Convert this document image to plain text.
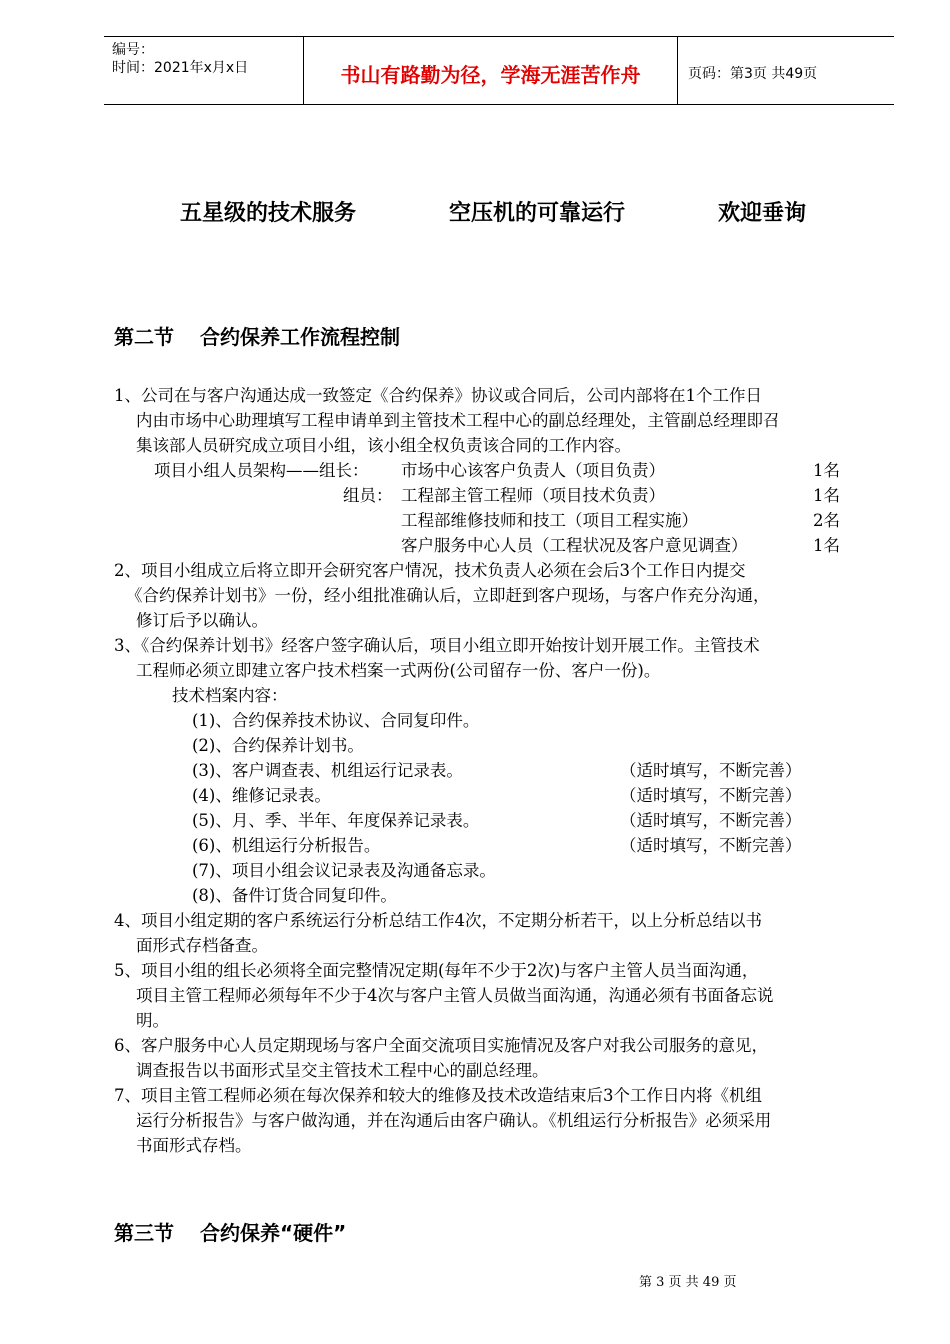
编号：
时间：2021年x月x日	书山有路勤为径，学海无涯苦作舟	页码：第3页 共49页
五星级的技术服务	空压机的可靠运行	欢迎垂询
第二节 合约保养工作流程控制
1、公司在与客户沟通达成一致签定《合约保养》协议或合同后，公司内部将在1个工作日
内由市场中心助理填写工程申请单到主管技术工程中心的副总经理处，主管副总经理即召
集该部人员研究成立项目小组，该小组全权负责该合同的工作内容。
项目小组人员架构——组长： 市场中心该客户负责人（项目负责）	1名
组员： 工程部主管工程师（项目技术负责）	1名
工程部维修技师和技工（项目工程实施）	2名
客户服务中心人员（工程状况及客户意见调查）	1名
2、项目小组成立后将立即开会研究客户情况，技术负责人必须在会后3个工作日内提交
《合约保养计划书》一份，经小组批准确认后，立即赶到客户现场，与客户作充分沟通，
修订后予以确认。
3、《合约保养计划书》经客户签字确认后，项目小组立即开始按计划开展工作。主管技术
工程师必须立即建立客户技术档案一式两份(公司留存一份、客户一份)。
技术档案内容：
(1)、合约保养技术协议、合同复印件。
(2)、合约保养计划书。
(3)、客户调查表、机组运行记录表。	（适时填写，不断完善）
(4)、维修记录表。	（适时填写，不断完善）
(5)、月、季、半年、年度保养记录表。	（适时填写，不断完善）
(6)、机组运行分析报告。	（适时填写，不断完善）
(7)、项目小组会议记录表及沟通备忘录。
(8)、备件订货合同复印件。
4、项目小组定期的客户系统运行分析总结工作4次，不定期分析若干，以上分析总结以书
面形式存档备查。
5、项目小组的组长必须将全面完整情况定期(每年不少于2次)与客户主管人员当面沟通，
项目主管工程师必须每年不少于4次与客户主管人员做当面沟通，沟通必须有书面备忘说
明。
6、客户服务中心人员定期现场与客户全面交流项目实施情况及客户对我公司服务的意见，
调查报告以书面形式呈交主管技术工程中心的副总经理。
7、项目主管工程师必须在每次保养和较大的维修及技术改造结束后3个工作日内将《机组
运行分析报告》与客户做沟通，并在沟通后由客户确认。《机组运行分析报告》必须采用
书面形式存档。
第三节 合约保养“硬件”
第 3 页 共 49 页
